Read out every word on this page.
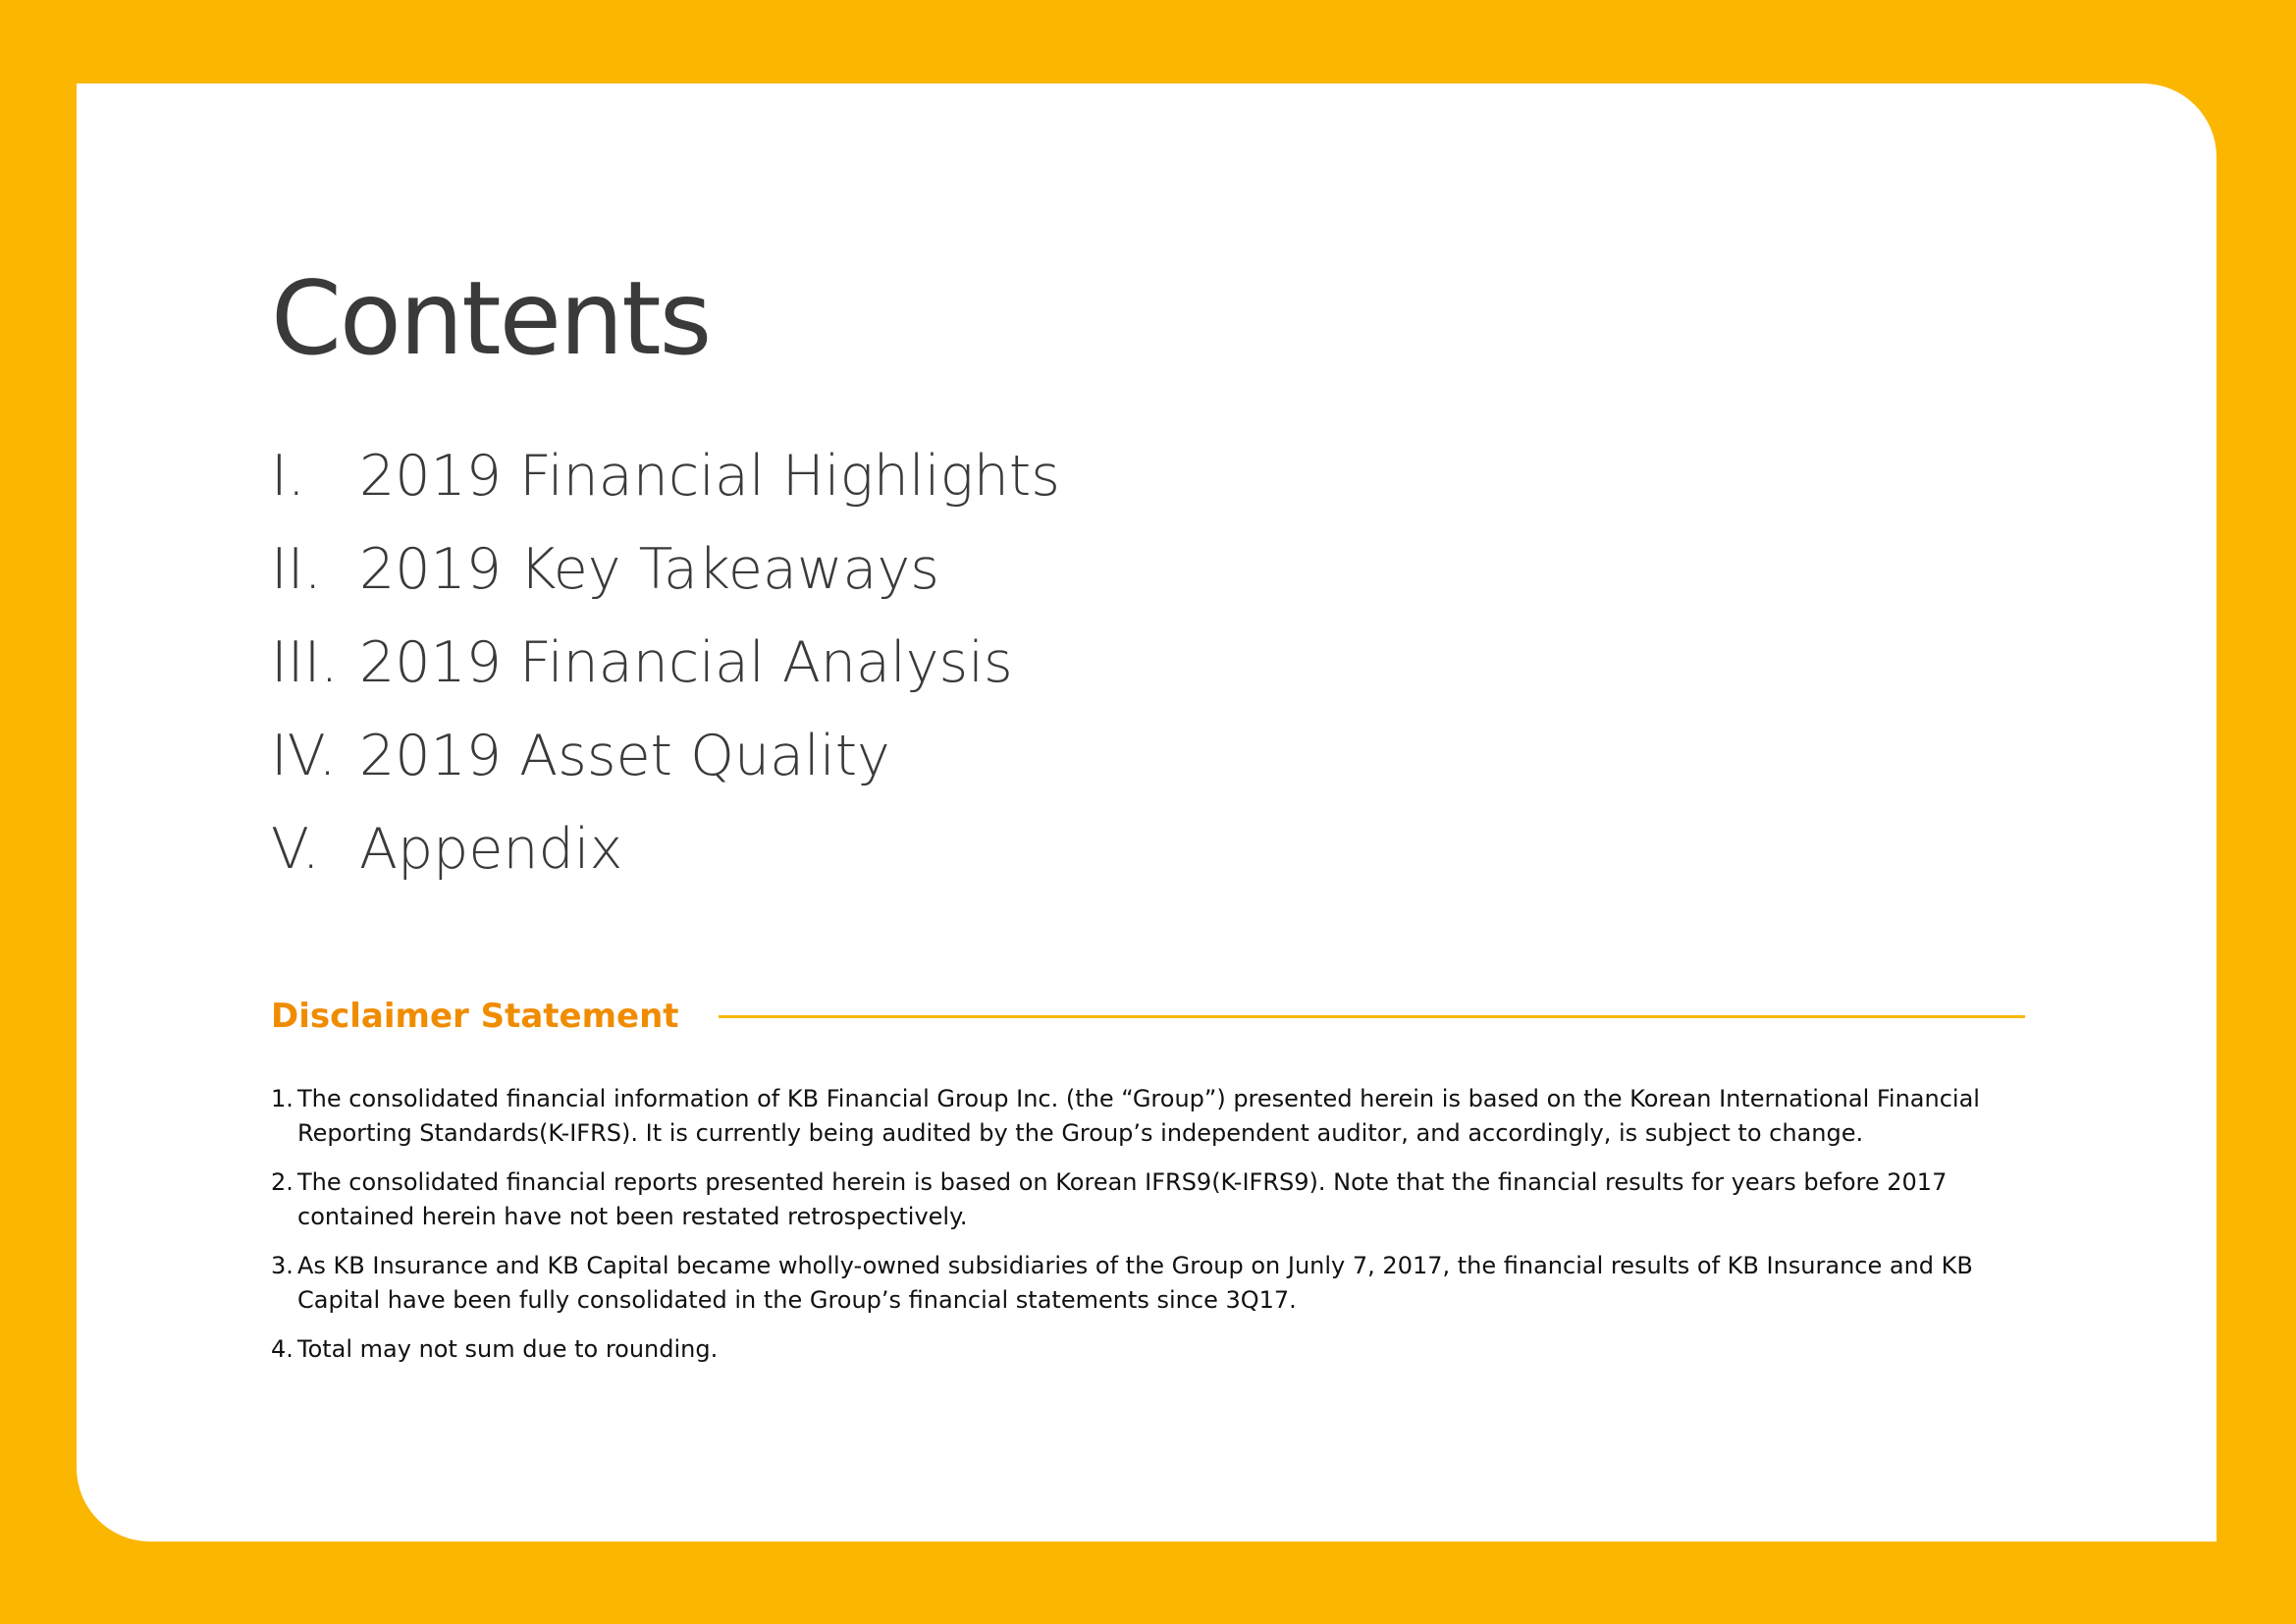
Contents
I. 2019 Financial Highlights
II. 2019 Key Takeaways
III. 2019 Financial Analysis
IV. 2019 Asset Quality
V. Appendix
Disclaimer Statement
1. The consolidated financial information of KB Financial Group Inc. (the “Group”) presented herein is based on the Korean International Financial Reporting Standards(K-IFRS). It is currently being audited by the Group’s independent auditor, and accordingly, is subject to change.
2. The consolidated financial reports presented herein is based on Korean IFRS9(K-IFRS9). Note that the financial results for years before 2017 contained herein have not been restated retrospectively.
3. As KB Insurance and KB Capital became wholly-owned subsidiaries of the Group on Junly 7, 2017, the financial results of KB Insurance and KB Capital have been fully consolidated in the Group’s financial statements since 3Q17.
4. Total may not sum due to rounding.
